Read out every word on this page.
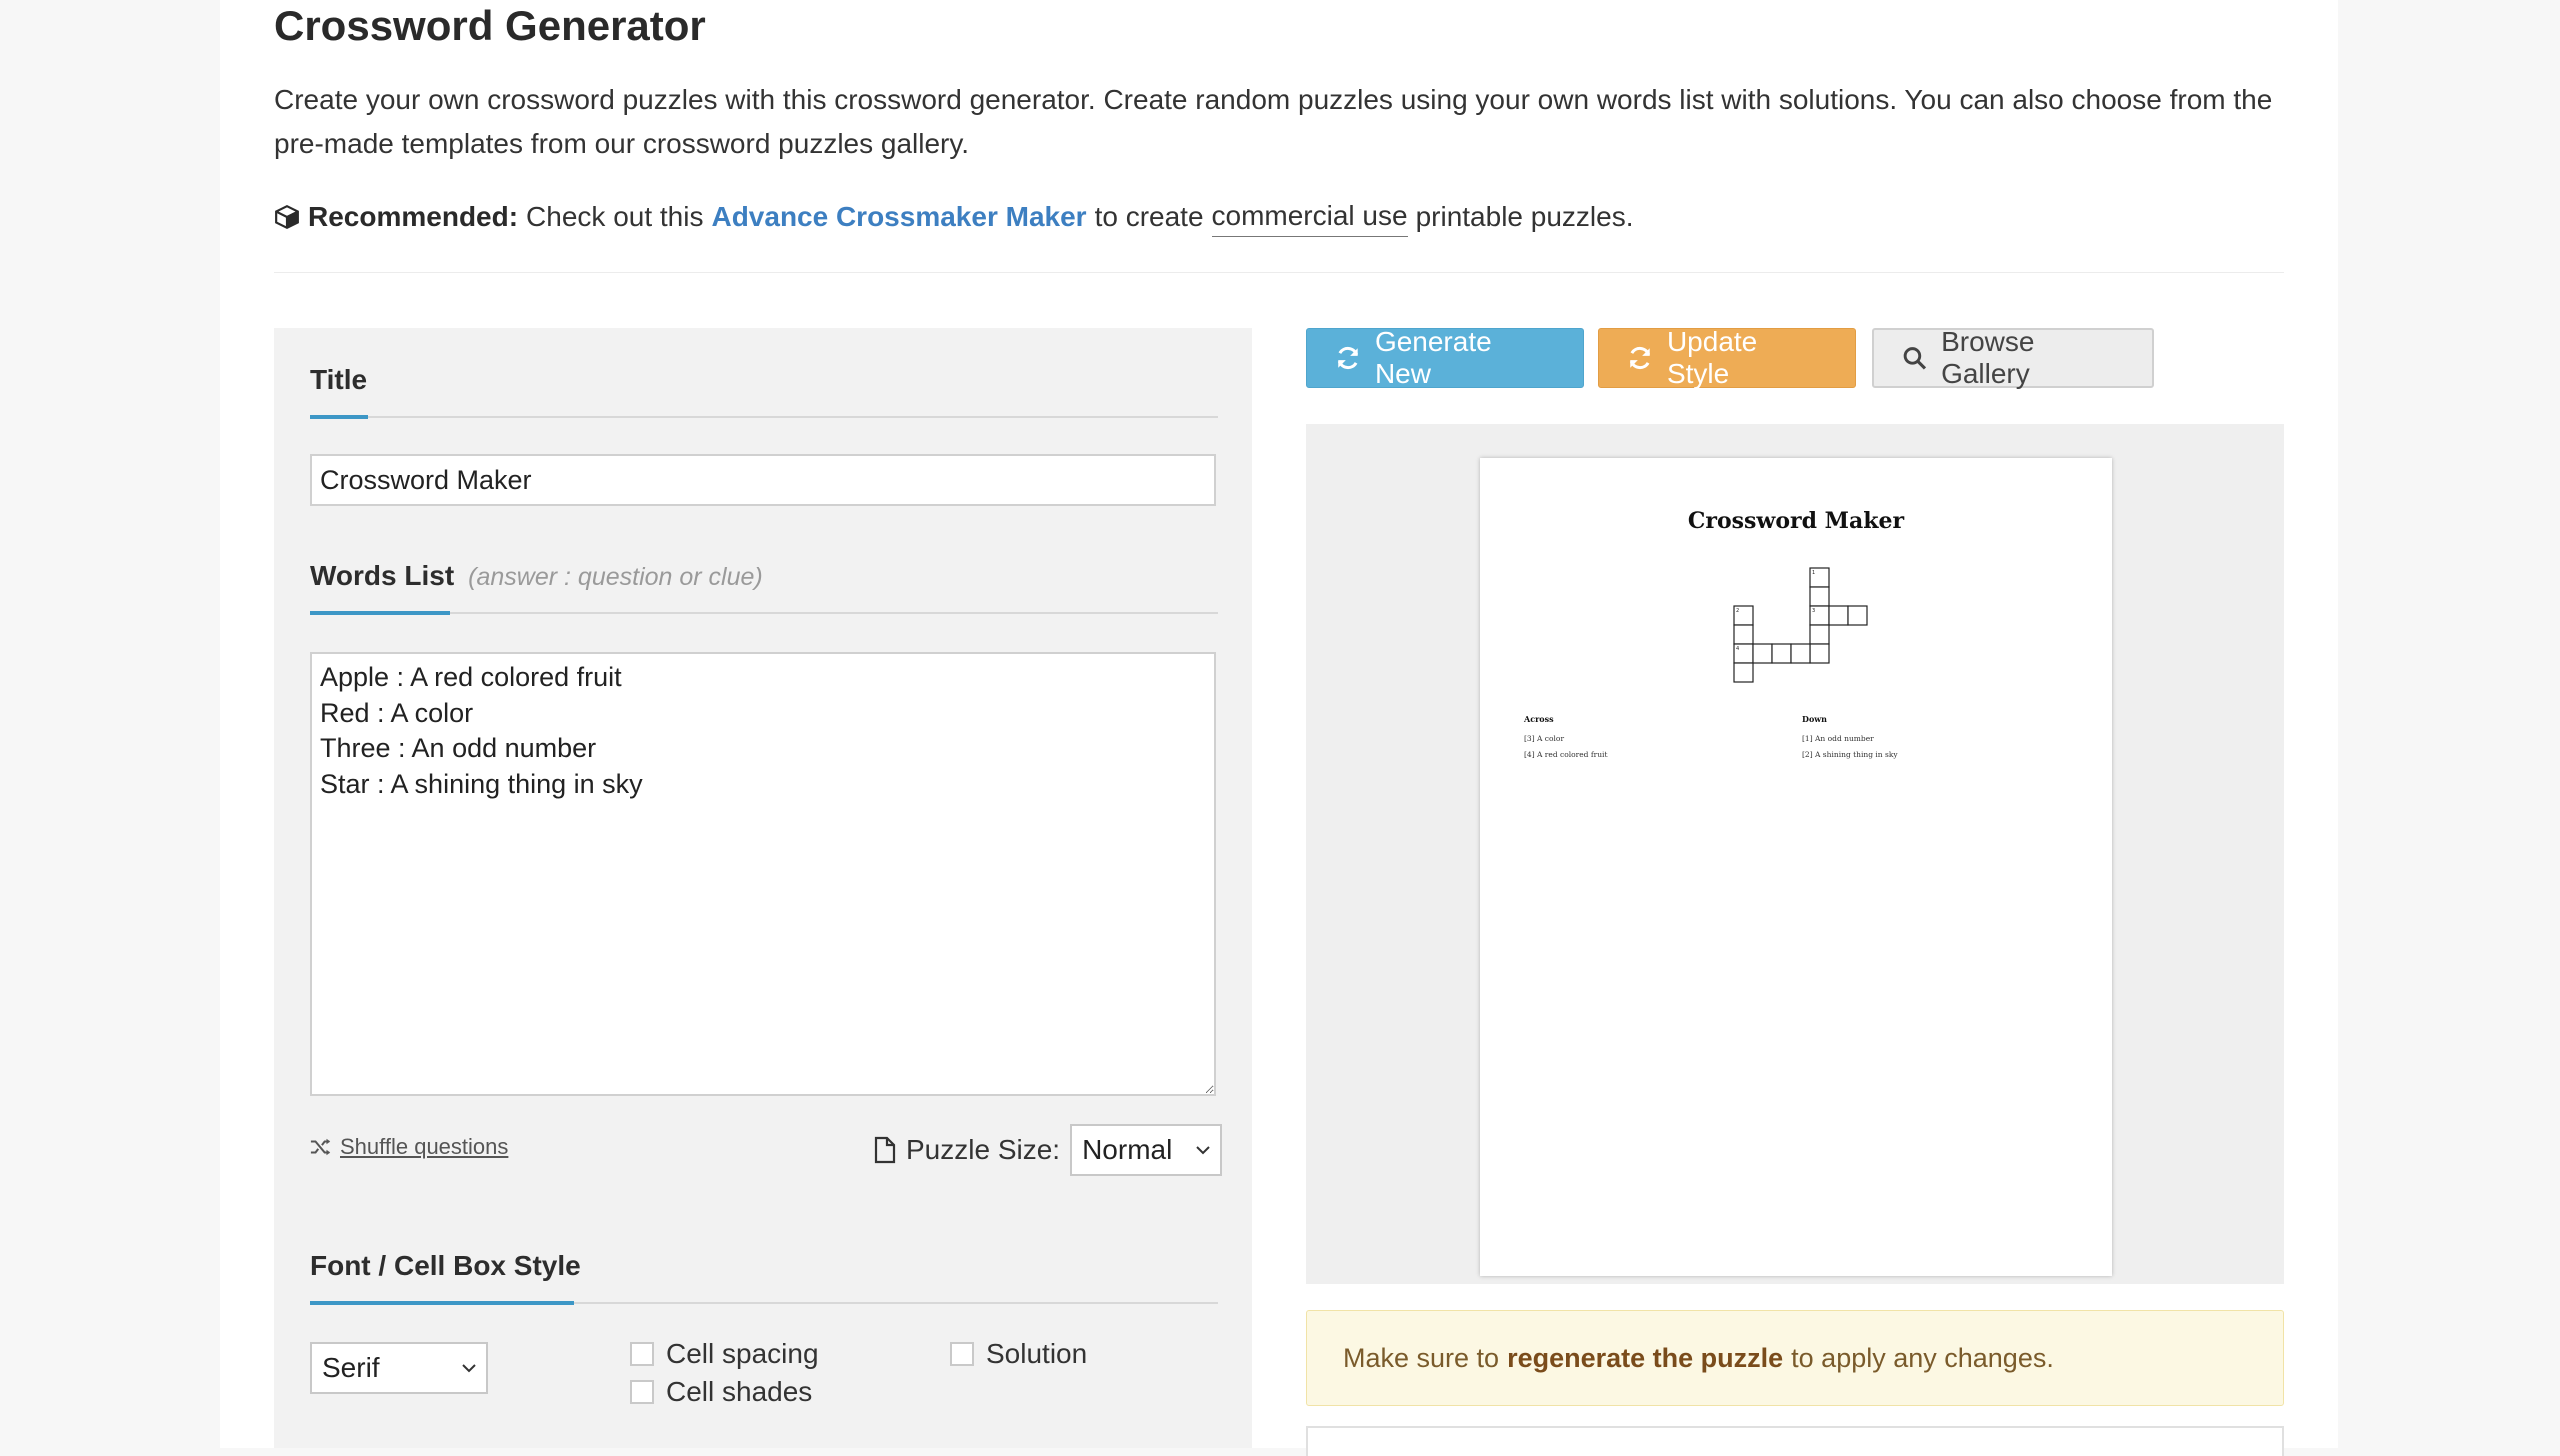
Crossword Generator
Create your own crossword puzzles with this crossword generator. Create random puzzles using your own words list with solutions. You can also choose from the pre-made templates from our crossword puzzles gallery.
Recommended: Check out this Advance Crossmaker Maker to create commercial use printable puzzles.
Title
Crossword Maker
Words List (answer : question or clue)
Apple : A red colored fruit Red : A color Three : An odd number Star : A shining thing in sky
Shuffle questions	Puzzle Size: Normal
Font / Cell Box Style
Serif	Cell spacing
Cell shades
Solution
Generate New
Update Style
Browse Gallery
Crossword Maker
1
2	3
4
Across
[3] A color
[4] A red colored fruit
Down
[1] An odd number
[2] A shining thing in sky
Make sure to regenerate the puzzle to apply any changes.
